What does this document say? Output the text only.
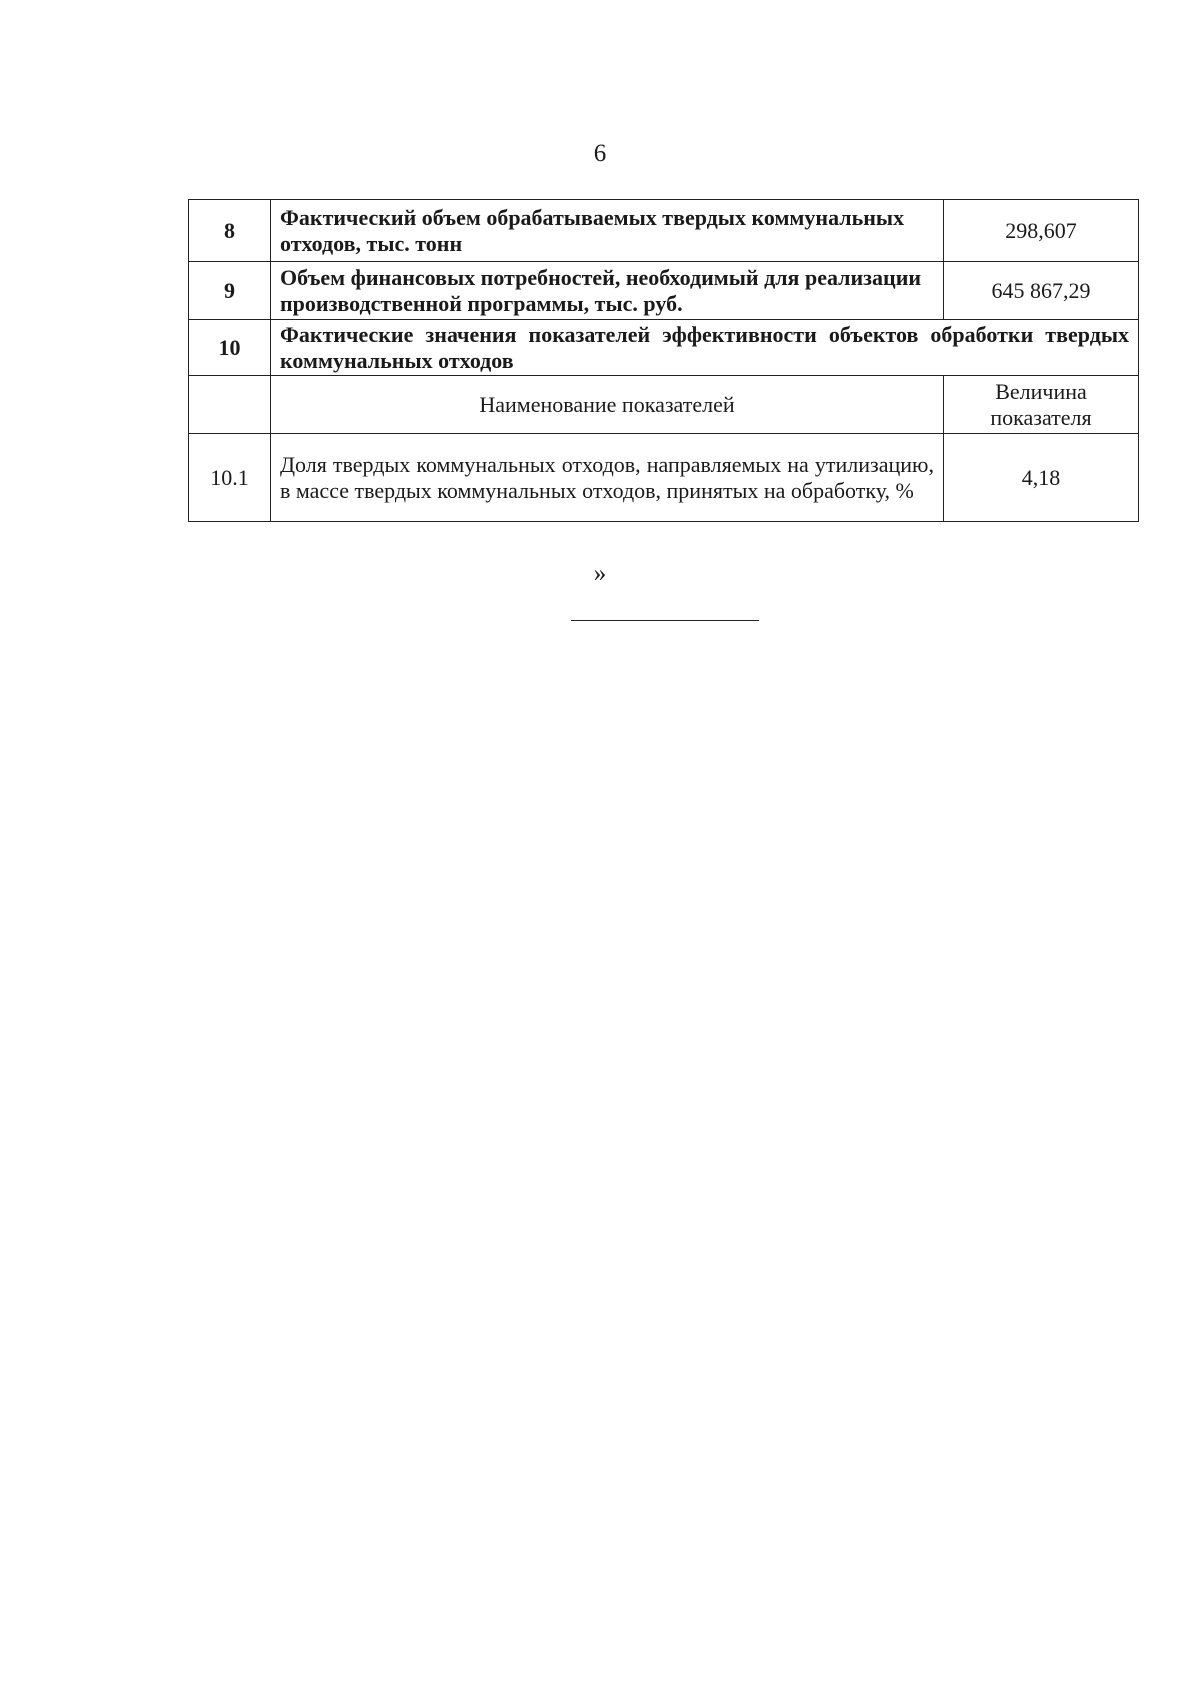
6
8	Фактический объем обрабатываемых твердых коммунальных отходов, тыс. тонн	298,607
9	Объем финансовых потребностей, необходимый для реализации производственной программы, тыс. руб.	645 867,29
10	Фактические значения показателей эффективности объектов обработки твердых коммунальных отходов	
	Наименование показателей	Величина показателя
10.1	Доля твердых коммунальных отходов, направляемых на утилизацию, в массе твердых коммунальных отходов, принятых на обработку, %	4,18
»
